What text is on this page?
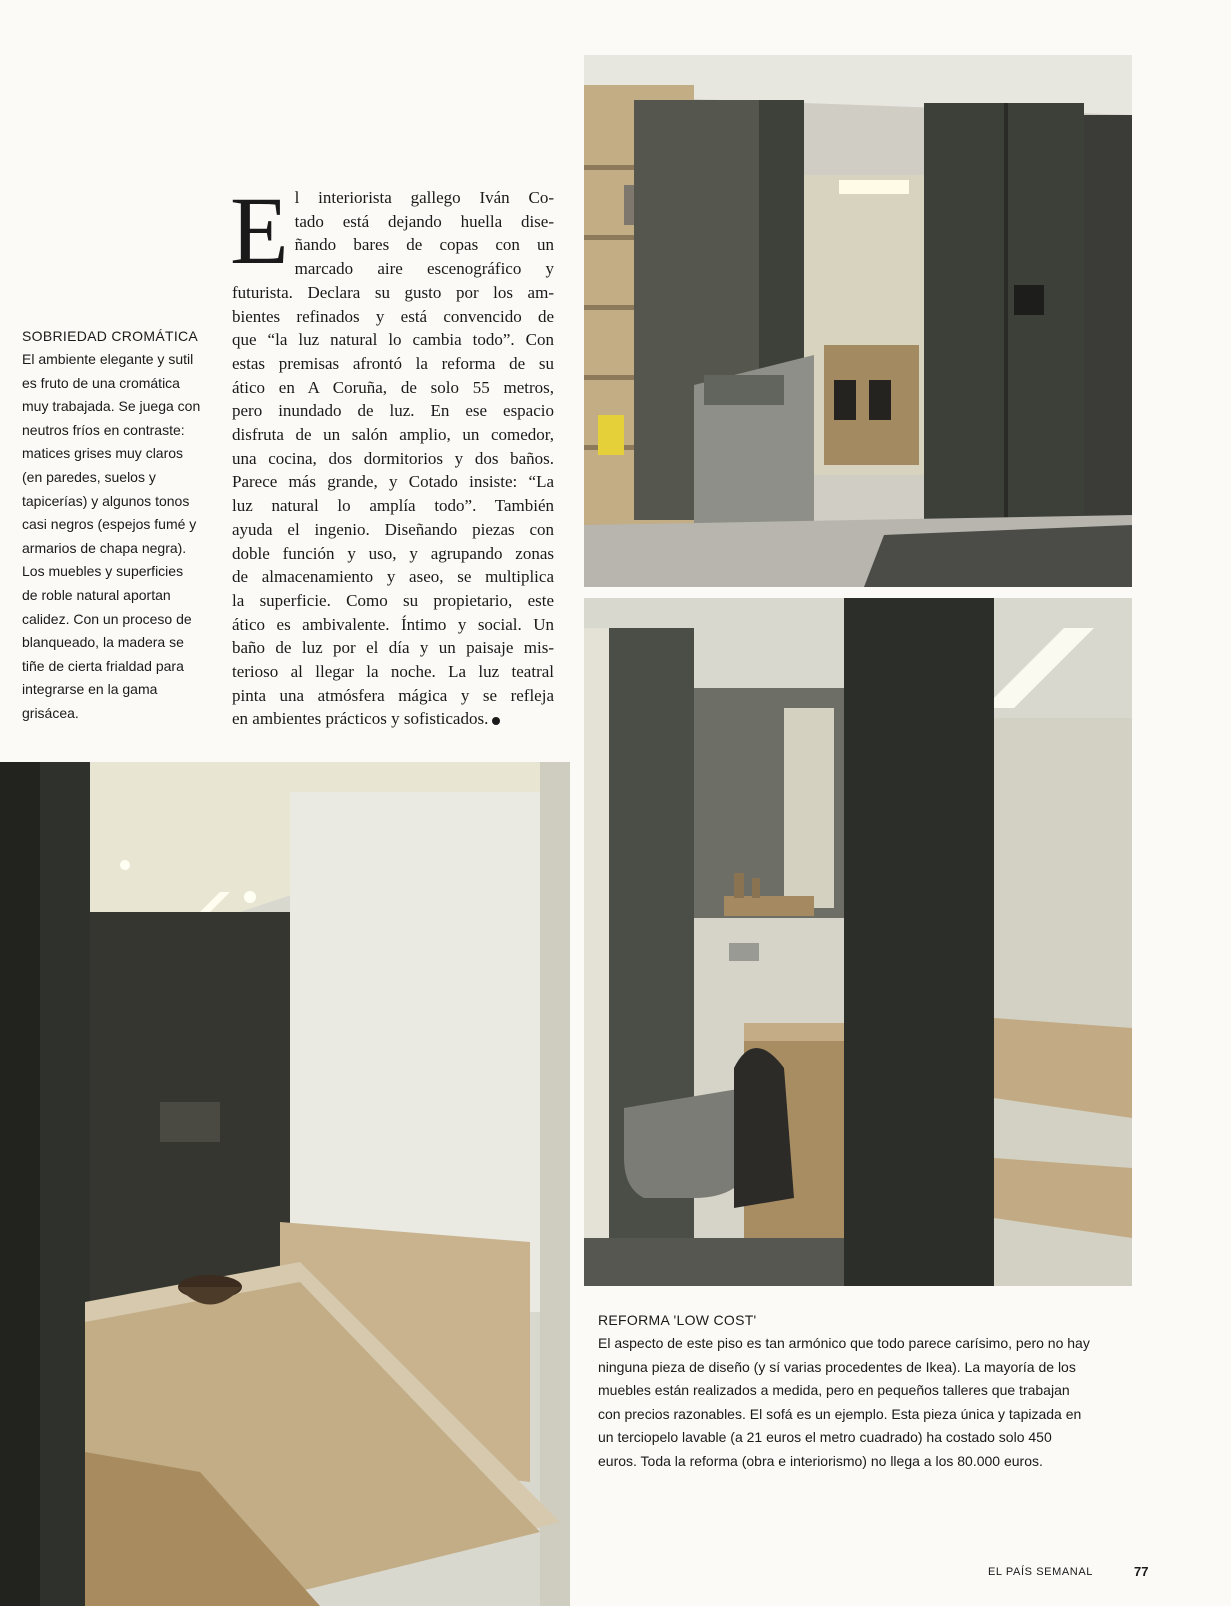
SOBRIEDAD CROMÁTICA

El ambiente elegante y sutil
es fruto de una cromática
muy trabajada. Se juega con
neutros fríos en contraste:
matices grises muy claros
(en paredes, suelos y
tapicerías) y algunos tonos
casi negros (espejos fumé y
armarios de chapa negra).
Los muebles y superficies
de roble natural aportan
calidez. Con un proceso de
blanqueado, la madera se
tiñe de cierta frialdad para
integrarse en la gama
grisácea.
E l interiorista gallego Iván Co-
tado está dejando huella dise-
ñando bares de copas con un
marcado aire escenográfico y
futurista. Declara su gusto por los am-
bientes refinados y está convencido de
que “la luz natural lo cambia todo”. Con
estas premisas afrontó la reforma de su
ático en A Coruña, de solo 55 metros,
pero inundado de luz. En ese espacio
disfruta de un salón amplio, un comedor,
una cocina, dos dormitorios y dos baños.
Parece más grande, y Cotado insiste: “La
luz natural lo amplía todo”. También
ayuda el ingenio. Diseñando piezas con
doble función y uso, y agrupando zonas
de almacenamiento y aseo, se multiplica
la superficie. Como su propietario, este
ático es ambivalente. Íntimo y social. Un
baño de luz por el día y un paisaje mis-
terioso al llegar la noche. La luz teatral
pinta una atmósfera mágica y se refleja
en ambientes prácticos y sofisticados.

REFORMA 'LOW COST'

El aspecto de este piso es tan armónico que todo parece carísimo, pero no hay
ninguna pieza de diseño (y sí varias procedentes de Ikea). La mayoría de los
muebles están realizados a medida, pero en pequeños talleres que trabajan
con precios razonables. El sofá es un ejemplo. Esta pieza única y tapizada en
un terciopelo lavable (a 21 euros el metro cuadrado) ha costado solo 450
euros. Toda la reforma (obra e interiorismo) no llega a los 80.000 euros.
EL PAÍS SEMANAL	77
